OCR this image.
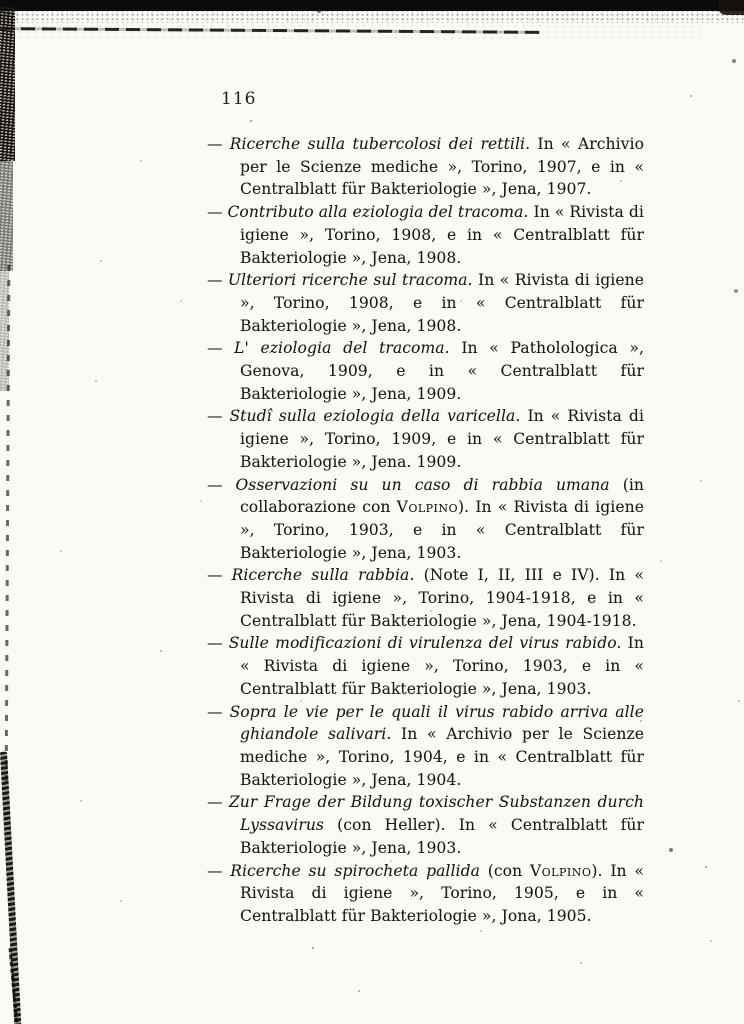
116
— Ricerche sulla tubercolosi dei rettili. In « Archivio per le Scienze mediche », Torino, 1907, e in « Centralblatt für Bakteriologie », Jena, 1907.
— Contributo alla eziologia del tracoma. In « Rivista di igiene », Torino, 1908, e in « Centralblatt für Bakteriologie », Jena, 1908.
— Ulteriori ricerche sul tracoma. In « Rivista di igiene », Torino, 1908, e in « Centralblatt für Bakteriologie », Jena, 1908.
— L' eziologia del tracoma. In « Patholologica », Genova, 1909, e in « Centralblatt für Bakteriologie », Jena, 1909.
— Studî sulla eziologia della varicella. In « Rivista di igiene », Torino, 1909, e in « Centralblatt für Bakteriologie », Jena. 1909.
— Osservazioni su un caso di rabbia umana (in collaborazione con Volpino). In « Rivista di igiene », Torino, 1903, e in « Centralblatt für Bakteriologie », Jena, 1903.
— Ricerche sulla rabbia. (Note I, II, III e IV). In « Rivista di igiene », Torino, 1904-1918, e in « Centralblatt für Bakteriologie », Jena, 1904-1918.
— Sulle modificazioni di virulenza del virus rabido. In « Rivista di igiene », Torino, 1903, e in « Centralblatt für Bakteriologie », Jena, 1903.
— Sopra le vie per le quali il virus rabido arriva alle ghiandole salivari. In « Archivio per le Scienze mediche », Torino, 1904, e in « Centralblatt für Bakteriologie », Jena, 1904.
— Zur Frage der Bildung toxischer Substanzen durch Lyssavirus (con Heller). In « Centralblatt für Bakteriologie », Jena, 1903.
— Ricerche su spirocheta pallida (con Volpino). In « Rivista di igiene », Torino, 1905, e in « Centralblatt für Bakteriologie », Jona, 1905.
